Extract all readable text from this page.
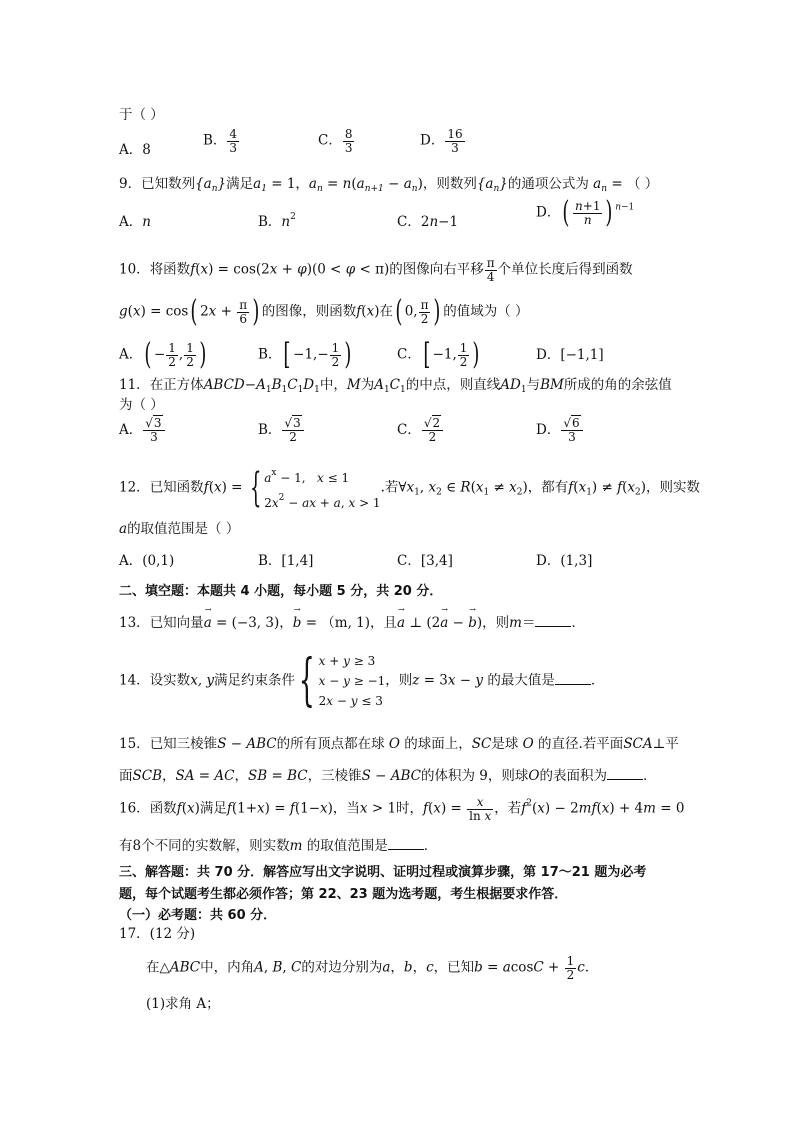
于（ ）
A．8
B． $\frac{4}{3}$	C． $\frac{8}{3}$	D． $\frac{16}{3}$
9．已知数列$\{a_n\}$满足$a_1 = 1$，$a_n = n(a_{n+1} - a_n)$，则数列$\{a_n\}$的通项公式为 $a_n$ = （ ）
A．n	B．$n^2$	C．2n−1
D．( $\frac{n+1}{n}$ ) $^{n-1}$
10．将函数f(x) = cos(2x + φ)(0 < φ < π)的图像向右平移 $\frac{\pi}{4}$ 个单位长度后得到函数
g(x) = cos( $2x + \frac{\pi}{6}$ ) 的图像，则函数f(x)在( 0, $\frac{\pi}{2}$ ) 的值域为（ ）
A．( − $\frac{1}{2}$ , $\frac{1}{2}$ )	B．[ $-1,- \frac{1}{2}$ )	C．[ −1, $\frac{1}{2}$ )	D．[−1,1]
11．在正方体$ABCD-A_1B_1C_1D_1$中，M为$A_1C_1$的中点，则直线$AD_1$与BM所成的角的余弦值
为（ ）
A． $\frac{√3}{3}$	B． $\frac{√3}{2}$	C． $\frac{√2}{2}$	D． $\frac{√6}{3}$
12．已知函数f(x) = { $a^x - 1$,   x ≤ 1
$2x^2$ − ax + a, x > 1
.若$\forall x_1$, $x_2$ ∈ $R(x_1 \ne x_2)$，都有$f(x_1) \ne f(x_2)$，则实数
a的取值范围是（ ）
A．(0,1)	B．[1,4]	C．[3,4]	D．(1,3]
二、填空题：本题共 4 小题，每小题 5 分，共 20 分．
13．已知向量→ a = (−3, 3)，→ b = （m, 1)，且→ a ⊥ (2→ a − → b)，则m＝	．
14．设实数x, y满足约束条件{ x + y ≥ 3
x − y ≥ −1
2x − y ≤ 3
，则z = 3x − y 的最大值是	．
15．已知三棱锥S − ABC的所有顶点都在球 O 的球面上，SC是球 O 的直径.若平面SCA⊥平
面SCB，SA = AC，SB = BC，三棱锥S − ABC的体积为 9，则球O的表面积为	．
16．函数f(x)满足f(1+x) = f(1−x)，当x > 1时，$f(x) = \frac{x}{\text{ln x}}$ ，若$f^2(x) - 2mf(x) + 4m = 0$
有8个不同的实数解，则实数m 的取值范围是	．
三、解答题：共 70 分．解答应写出文字说明、证明过程或演算步骤，第 17～21 题为必考
题，每个试题考生都必须作答；第 22、23 题为选考题，考生根据要求作答．
（一）必考题：共 60 分．
17．(12 分)
在△ABC中，内角A, B, C的对边分别为a，b，c，已知$b = acosC + \frac{1}{2}$ c．
(1)求角 A；
